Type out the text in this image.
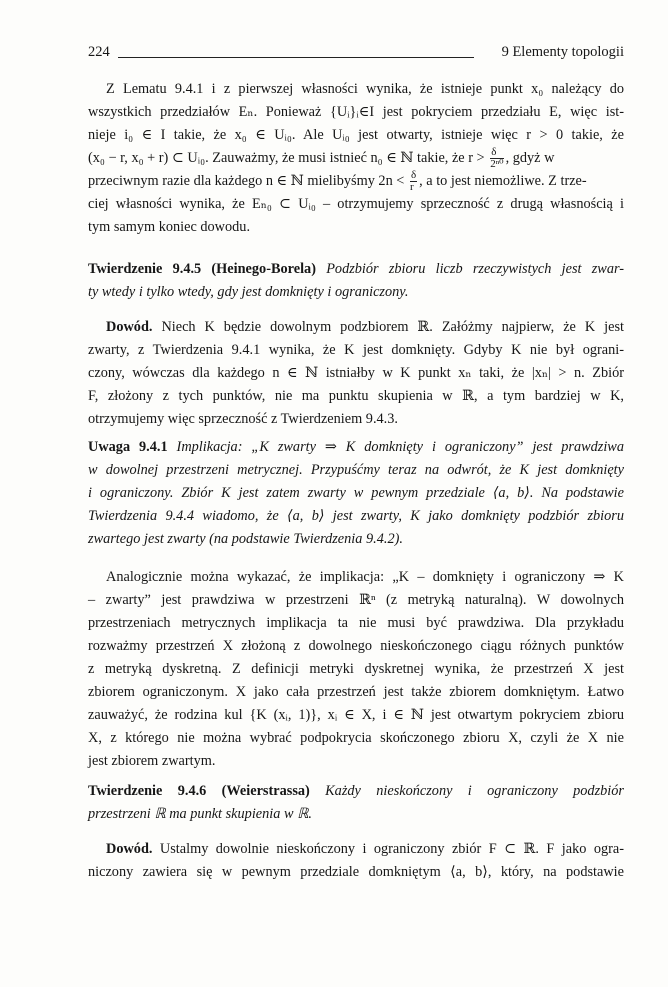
224	9 Elementy topologii
Z Lematu 9.4.1 i z pierwszej własności wynika, że istnieje punkt x₀ należący do
wszystkich przedziałów Eₙ. Ponieważ {Uᵢ}ᵢ∈I jest pokryciem przedziału E, więc ist-
nieje i₀ ∈ I takie, że x₀ ∈ Uᵢ₀. Ale Uᵢ₀ jest otwarty, istnieje więc r > 0 takie, że
(x₀ − r, x₀ + r) ⊂ Uᵢ₀. Zauważmy, że musi istnieć n₀ ∈ ℕ takie, że $r > \frac{\delta}{\text{2ⁿ⁰}}$ , gdyż w
przeciwnym razie dla każdego n ∈ ℕ mielibyśmy $2n < \frac{\delta}{r}$ , a to jest niemożliwe. Z trze-
ciej własności wynika, że Eₙ₀ ⊂ Uᵢ₀ – otrzymujemy sprzeczność z drugą własnością i
tym samym koniec dowodu.
Twierdzenie 9.4.5 (Heinego-Borela) Podzbiór zbioru liczb rzeczywistych jest zwar-
ty wtedy i tylko wtedy, gdy jest domknięty i ograniczony.
Dowód. Niech K będzie dowolnym podzbiorem ℝ. Załóżmy najpierw, że K jest
zwarty, z Twierdzenia 9.4.1 wynika, że K jest domknięty. Gdyby K nie był ograni-
czony, wówczas dla każdego n ∈ ℕ istniałby w K punkt xₙ taki, że |xₙ| > n. Zbiór
F, złożony z tych punktów, nie ma punktu skupienia w ℝ, a tym bardziej w K,
otrzymujemy więc sprzeczność z Twierdzeniem 9.4.3.
Uwaga 9.4.1 Implikacja: „K zwarty ⇒ K domknięty i ograniczony” jest prawdziwa
w dowolnej przestrzeni metrycznej. Przypuśćmy teraz na odwrót, że K jest domknięty
i ograniczony. Zbiór K jest zatem zwarty w pewnym przedziale ⟨a, b⟩. Na podstawie
Twierdzenia 9.4.4 wiadomo, że ⟨a, b⟩ jest zwarty, K jako domknięty podzbiór zbioru
zwartego jest zwarty (na podstawie Twierdzenia 9.4.2).
Analogicznie można wykazać, że implikacja: „K – domknięty i ograniczony ⇒ K
– zwarty” jest prawdziwa w przestrzeni ℝⁿ (z metryką naturalną). W dowolnych
przestrzeniach metrycznych implikacja ta nie musi być prawdziwa. Dla przykładu
rozważmy przestrzeń X złożoną z dowolnego nieskończonego ciągu różnych punktów
z metryką dyskretną. Z definicji metryki dyskretnej wynika, że przestrzeń X jest
zbiorem ograniczonym. X jako cała przestrzeń jest także zbiorem domkniętym. Łatwo
zauważyć, że rodzina kul {K (xᵢ, 1)}, xᵢ ∈ X, i ∈ ℕ jest otwartym pokryciem zbioru
X, z którego nie można wybrać podpokrycia skończonego zbioru X, czyli że X nie
jest zbiorem zwartym.
Twierdzenie 9.4.6 (Weierstrassa) Każdy nieskończony i ograniczony podzbiór
przestrzeni ℝ ma punkt skupienia w ℝ.
Dowód. Ustalmy dowolnie nieskończony i ograniczony zbiór F ⊂ ℝ. F jako ogra-
niczony zawiera się w pewnym przedziale domkniętym ⟨a, b⟩, który, na podstawie
